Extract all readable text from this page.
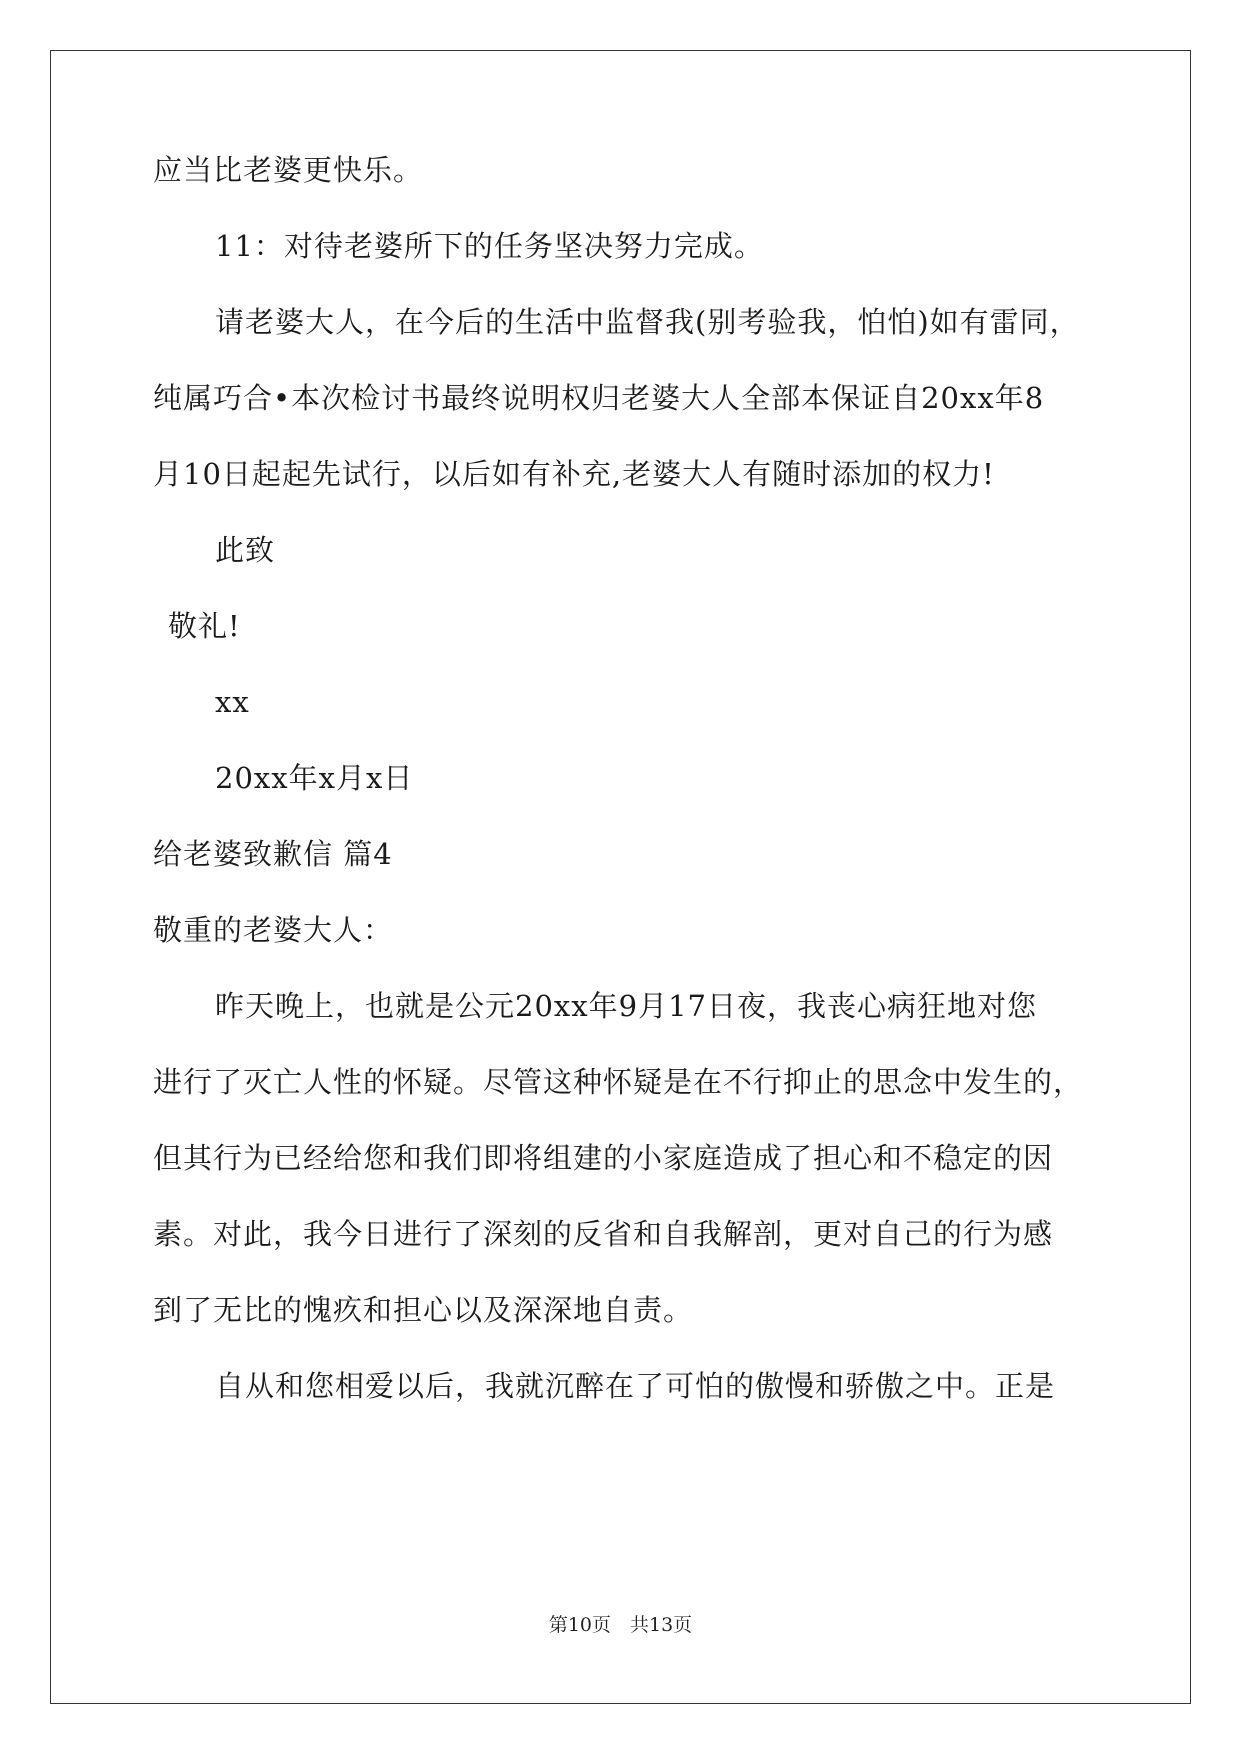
应当比老婆更快乐。
11：对待老婆所下的任务坚决努力完成。
请老婆大人，在今后的生活中监督我(别考验我，怕怕)如有雷同，
纯属巧合•本次检讨书最终说明权归老婆大人全部本保证自20xx年8
月10日起起先试行，以后如有补充,老婆大人有随时添加的权力!
此致
敬礼!
xx
20xx年x月x日
给老婆致歉信 篇4
敬重的老婆大人：
昨天晚上，也就是公元20xx年9月17日夜，我丧心病狂地对您
进行了灭亡人性的怀疑。尽管这种怀疑是在不行抑止的思念中发生的，
但其行为已经给您和我们即将组建的小家庭造成了担心和不稳定的因
素。对此，我今日进行了深刻的反省和自我解剖，更对自己的行为感
到了无比的愧疚和担心以及深深地自责。
自从和您相爱以后，我就沉醉在了可怕的傲慢和骄傲之中。正是
第10页　共13页
